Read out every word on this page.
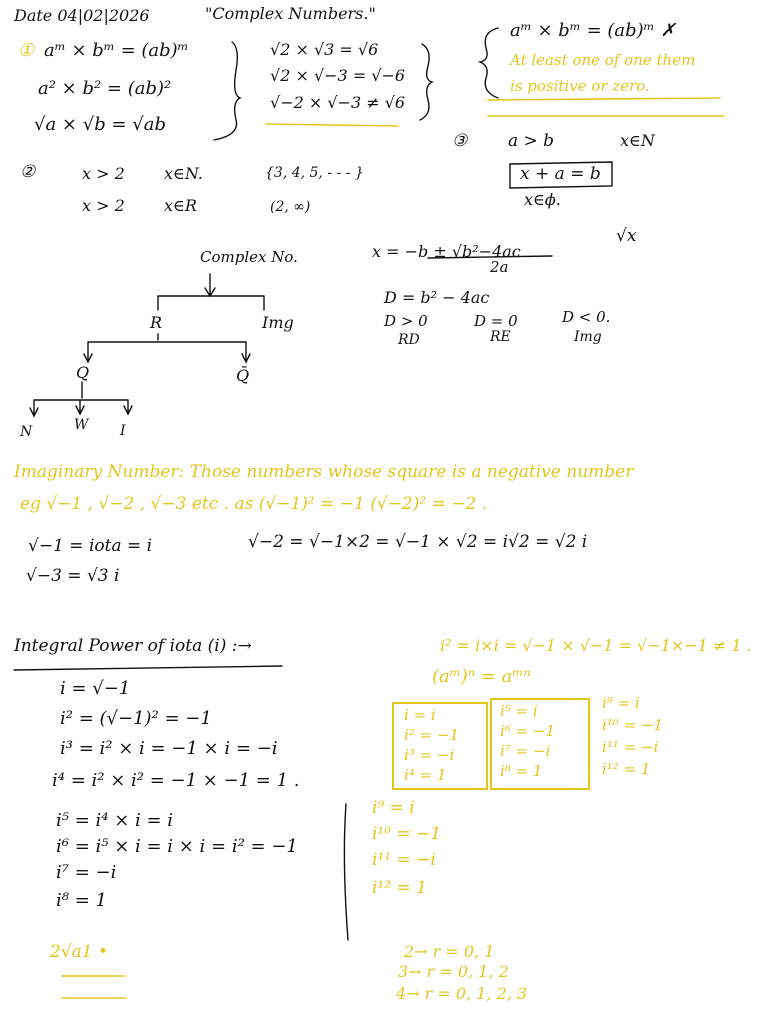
Date 04|02|2026	"Complex Numbers."
① aᵐ × bᵐ = (ab)ᵐ
a² × b² = (ab)²
√a × √b = √ab
√2 × √3 = √6
√2 × √−3 = √−6
√−2 × √−3 ≠ √6
aᵐ × bᵐ = (ab)ᵐ ✗
At least one of one them
is positive or zero.
②	x > 2 x∈N.	{3, 4, 5, - - - }
x > 2 x∈R	(2, ∞)
③ a > b	x∈N
x + a = b
x∈ϕ.
√x
Complex No.
R	Img
Q	Q̄
N	W I
x = −b ± √b²−4ac
2a
D = b² − 4ac
D > 0	D = 0	D < 0.
RD	RE	Img
Imaginary Number: Those numbers whose square is a negative number
eg √−1 , √−2 , √−3 etc . as (√−1)² = −1 (√−2)² = −2 .
√−1 = iota = i	√−2 = √−1×2 = √−1 × √2 = i√2 = √2 i
√−3 = √3 i
Integral Power of iota (i) :→	i² = i×i = √−1 × √−1 = √−1×−1 ≠ 1 .
(aᵐ)ⁿ = aᵐⁿ
i = √−1
i² = (√−1)² = −1
i³ = i² × i = −1 × i = −i
i⁴ = i² × i² = −1 × −1 = 1 .
i⁵ = i⁴ × i = i
i⁶ = i⁵ × i = i × i = i² = −1
i⁷ = −i
i⁸ = 1
i = i
i² = −1
i³ = −i
i⁴ = 1
i⁵ = i
i⁶ = −1
i⁷ = −i
i⁸ = 1
i⁹ = i
i¹⁰ = −1
i¹¹ = −i
i¹² = 1
i⁹ = i
i¹⁰ = −1
i¹¹ = −i
i¹² = 1
2√a1 •	2→ r = 0, 1
3→ r = 0, 1, 2
4→ r = 0, 1, 2, 3
